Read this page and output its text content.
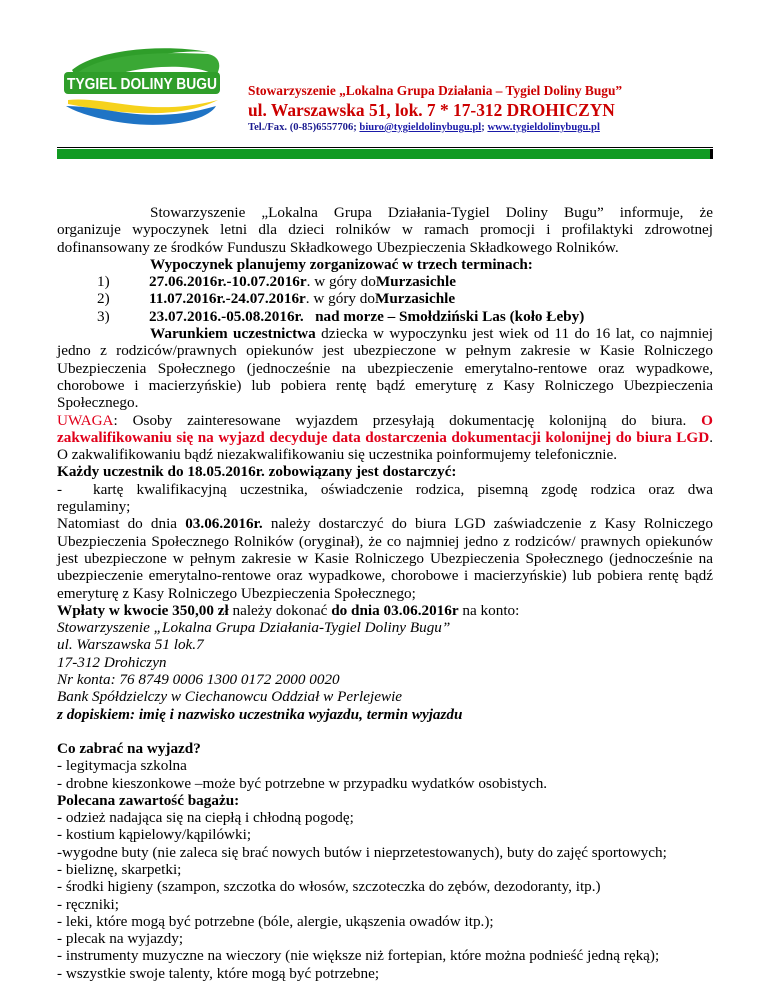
TYGIEL DOLINY BUGU Stowarzyszenie „Lokalna Grupa Działania – Tygiel Doliny Bugu”
ul. Warszawska 51, lok. 7 * 17-312 DROHICZYN
Tel./Fax. (0-85)6557706; biuro@tygieldolinybugu.pl; www.tygieldolinybugu.pl

Stowarzyszenie „Lokalna Grupa Działania-Tygiel Doliny Bugu” informuje, że

organizuje wypoczynek letni dla dzieci rolników w ramach promocji i profilaktyki zdrowotnej

dofinansowany ze środków Funduszu Składkowego Ubezpieczenia Składkowego Rolników.

Wypoczynek planujemy zorganizować w trzech terminach:

1)	27.06.2016r.-10.07.2016r . w góry do Murzasichle
2)	11.07.2016r.-24.07.2016r . w góry do Murzasichle
3)	23.07.2016.-05.08.2016r. nad morze – Smołdziński Las (koło Łeby)

Warunkiem uczestnictwa dziecka w wypoczynku jest wiek od 11 do 16 lat, co najmniej jedno z rodziców/prawnych opiekunów jest ubezpieczone w pełnym zakresie w Kasie Rolniczego Ubezpieczenia Społecznego (jednocześnie na ubezpieczenie emerytalno-rentowe oraz wypadkowe, chorobowe i macierzyńskie) lub pobiera rentę bądź emeryturę z Kasy Rolniczego Ubezpieczenia Społecznego.

UWAGA: Osoby zainteresowane wyjazdem przesyłają dokumentację kolonijną do biura. O zakwalifikowaniu się na wyjazd decyduje data dostarczenia dokumentacji kolonijnej do biura LGD. O zakwalifikowaniu bądź niezakwalifikowaniu się uczestnika poinformujemy telefonicznie.

Każdy uczestnik do 18.05.2016r. zobowiązany jest dostarczyć:

-	kartę kwalifikacyjną uczestnika, oświadczenie rodzica, pisemną zgodę rodzica oraz dwa

regulaminy;

Natomiast do dnia 03.06.2016r. należy dostarczyć do biura LGD zaświadczenie z Kasy Rolniczego Ubezpieczenia Społecznego Rolników (oryginał), że co najmniej jedno z rodziców/ prawnych opiekunów jest ubezpieczone w pełnym zakresie w Kasie Rolniczego Ubezpieczenia Społecznego (jednocześnie na ubezpieczenie emerytalno-rentowe oraz wypadkowe, chorobowe i macierzyńskie) lub pobiera rentę bądź emeryturę z Kasy Rolniczego Ubezpieczenia Społecznego;

Wpłaty w kwocie 350,00 zł należy dokonać do dnia 03.06.2016r na konto:

Stowarzyszenie „Lokalna Grupa Działania-Tygiel Doliny Bugu”

ul. Warszawska 51 lok.7

17-312 Drohiczyn

Nr konta: 76 8749 0006 1300 0172 2000 0020

Bank Spółdzielczy w Ciechanowcu Oddział w Perlejewie

z dopiskiem: imię i nazwisko uczestnika wyjazdu, termin wyjazdu

Co zabrać na wyjazd?

- legitymacja szkolna

- drobne kieszonkowe –może być potrzebne w przypadku wydatków osobistych.

Polecana zawartość bagażu:

- odzież nadająca się na ciepłą i chłodną pogodę;

- kostium kąpielowy/kąpilówki;

-wygodne buty (nie zaleca się brać nowych butów i nieprzetestowanych), buty do zajęć sportowych;

- bieliznę, skarpetki;

- środki higieny (szampon, szczotka do włosów, szczoteczka do zębów, dezodoranty, itp.)

- ręczniki;

- leki, które mogą być potrzebne (bóle, alergie, ukąszenia owadów itp.);

- plecak na wyjazdy;

- instrumenty muzyczne na wieczory (nie większe niż fortepian, które można podnieść jedną ręką);

- wszystkie swoje talenty, które mogą być potrzebne;
